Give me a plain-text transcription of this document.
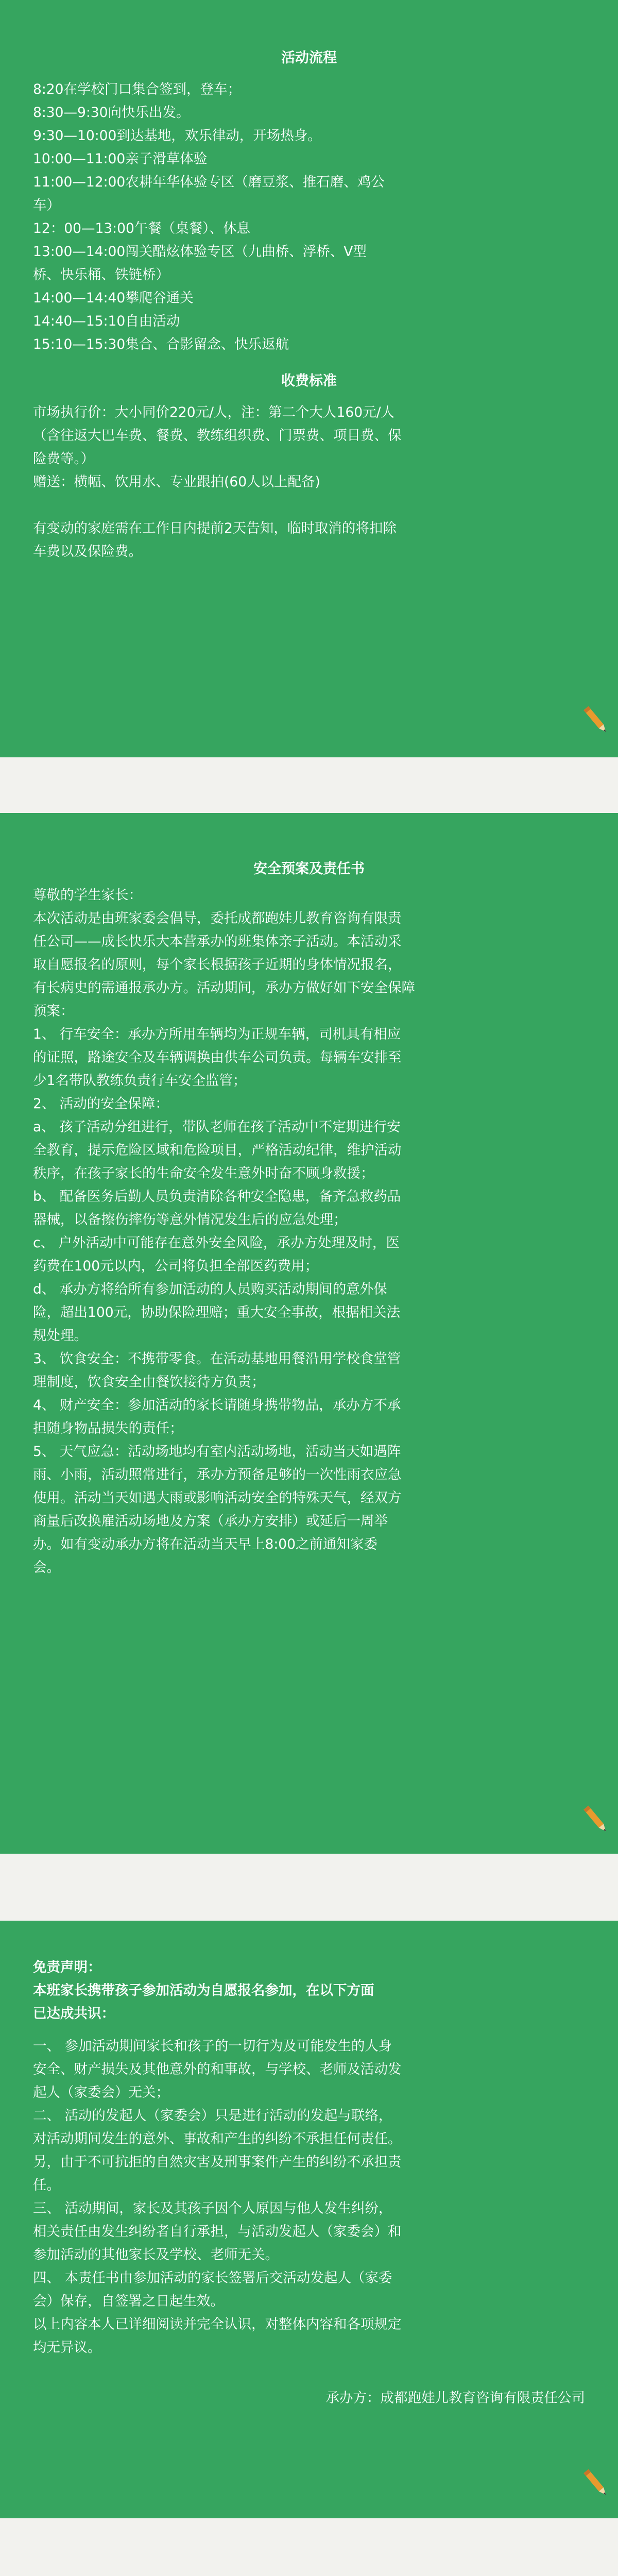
活动流程

8:20在学校门口集合签到，登车；

8:30—9:30向快乐出发。

9:30—10:00到达基地，欢乐律动，开场热身。

10:00—11:00亲子滑草体验

11:00—12:00农耕年华体验专区（磨豆浆、推石磨、鸡公

车）

12：00—13:00午餐（桌餐）、休息

13:00—14:00闯关酷炫体验专区（九曲桥、浮桥、V型

桥、快乐桶、铁链桥）

14:00—14:40攀爬谷通关

14:40—15:10自由活动

15:10—15:30集合、合影留念、快乐返航

收费标准

市场执行价：大小同价220元/人，注：第二个大人160元/人

（含往返大巴车费、餐费、教练组织费、门票费、项目费、保

险费等。）

赠送：横幅、饮用水、专业跟拍(60人以上配备)

有变动的家庭需在工作日内提前2天告知，临时取消的将扣除

车费以及保险费。

安全预案及责任书

尊敬的学生家长：

本次活动是由班家委会倡导，委托成都跑娃儿教育咨询有限责

任公司——成长快乐大本营承办的班集体亲子活动。本活动采

取自愿报名的原则，每个家长根据孩子近期的身体情况报名，

有长病史的需通报承办方。活动期间，承办方做好如下安全保障

预案：

1、 行车安全：承办方所用车辆均为正规车辆，司机具有相应

的证照，路途安全及车辆调换由供车公司负责。每辆车安排至

少1名带队教练负责行车安全监管；

2、 活动的安全保障：

a、 孩子活动分组进行，带队老师在孩子活动中不定期进行安

全教育，提示危险区域和危险项目，严格活动纪律，维护活动

秩序，在孩子家长的生命安全发生意外时奋不顾身救援；

b、 配备医务后勤人员负责清除各种安全隐患，备齐急救药品

器械，以备擦伤摔伤等意外情况发生后的应急处理；

c、 户外活动中可能存在意外安全风险，承办方处理及时，医

药费在100元以内，公司将负担全部医药费用；

d、 承办方将给所有参加活动的人员购买活动期间的意外保

险，超出100元，协助保险理赔；重大安全事故，根据相关法

规处理。

3、 饮食安全：不携带零食。在活动基地用餐沿用学校食堂管

理制度，饮食安全由餐饮接待方负责；

4、 财产安全：参加活动的家长请随身携带物品，承办方不承

担随身物品损失的责任；

5、 天气应急：活动场地均有室内活动场地，活动当天如遇阵

雨、小雨，活动照常进行，承办方预备足够的一次性雨衣应急

使用。活动当天如遇大雨或影响活动安全的特殊天气，经双方

商量后改换雇活动场地及方案（承办方安排）或延后一周举

办。如有变动承办方将在活动当天早上8:00之前通知家委

会。

免责声明：

本班家长携带孩子参加活动为自愿报名参加，在以下方面

已达成共识：

一、 参加活动期间家长和孩子的一切行为及可能发生的人身

安全、财产损失及其他意外的和事故，与学校、老师及活动发

起人（家委会）无关；

二、 活动的发起人（家委会）只是进行活动的发起与联络，

对活动期间发生的意外、事故和产生的纠纷不承担任何责任。

另，由于不可抗拒的自然灾害及刑事案件产生的纠纷不承担责

任。

三、 活动期间，家长及其孩子因个人原因与他人发生纠纷，

相关责任由发生纠纷者自行承担，与活动发起人（家委会）和

参加活动的其他家长及学校、老师无关。

四、 本责任书由参加活动的家长签署后交活动发起人（家委

会）保存，自签署之日起生效。

以上内容本人已详细阅读并完全认识，对整体内容和各项规定

均无异议。

承办方：成都跑娃儿教育咨询有限责任公司
